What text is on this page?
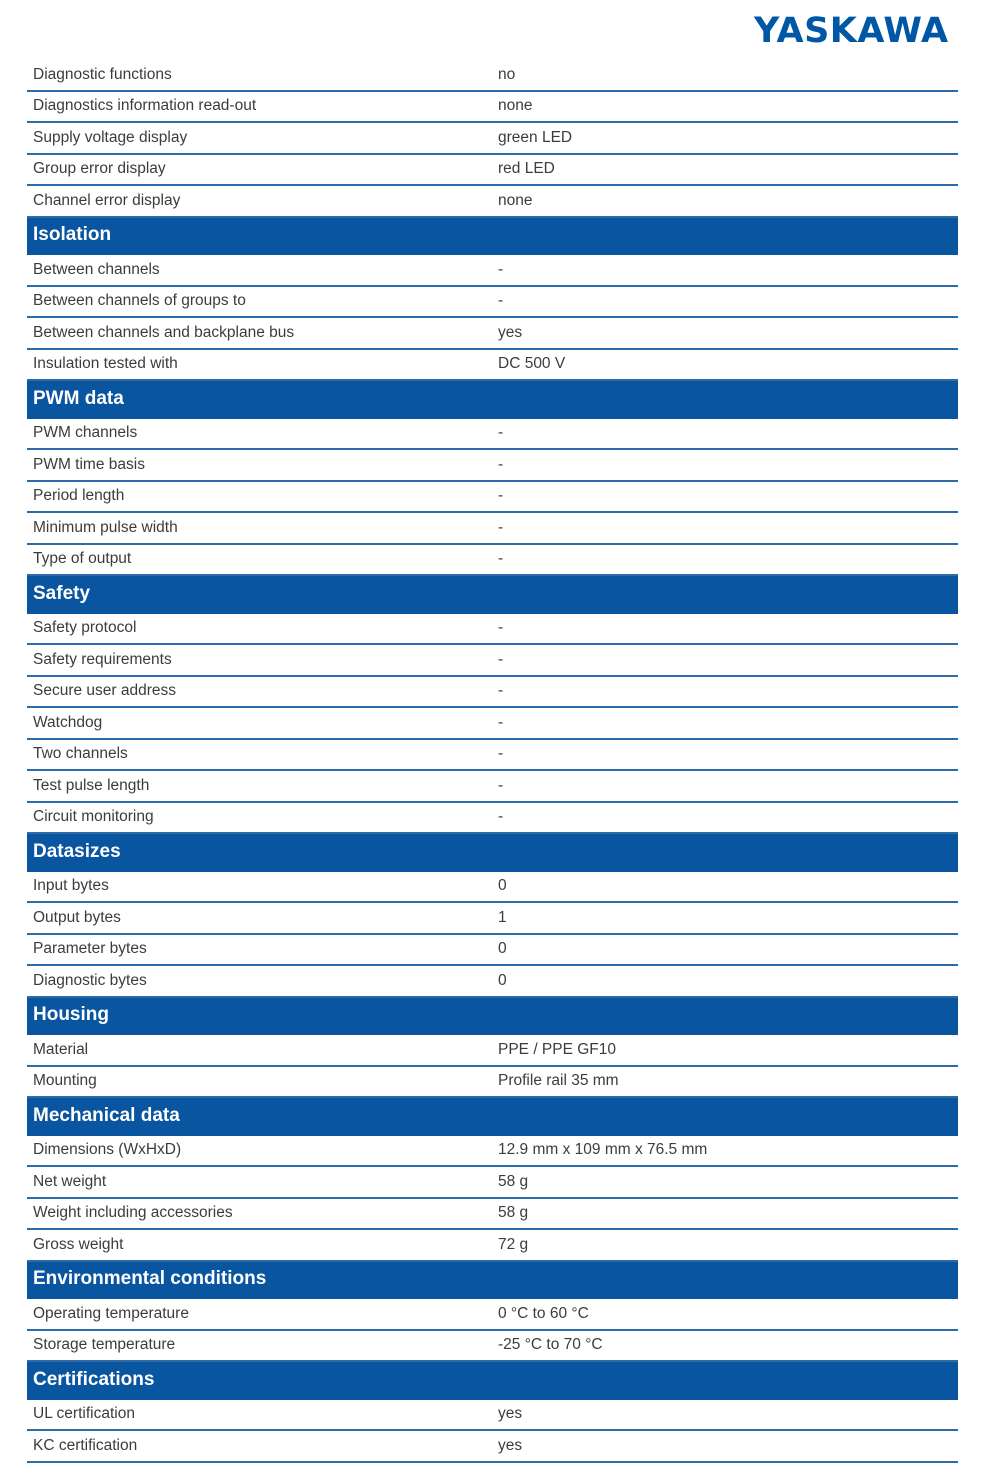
YASKAWA
Diagnostic functions	no
Diagnostics information read-out	none
Supply voltage display	green LED
Group error display	red LED
Channel error display	none
Isolation
Between channels	-
Between channels of groups to	-
Between channels and backplane bus	yes
Insulation tested with	DC 500 V
PWM data
PWM channels	-
PWM time basis	-
Period length	-
Minimum pulse width	-
Type of output	-
Safety
Safety protocol	-
Safety requirements	-
Secure user address	-
Watchdog	-
Two channels	-
Test pulse length	-
Circuit monitoring	-
Datasizes
Input bytes	0
Output bytes	1
Parameter bytes	0
Diagnostic bytes	0
Housing
Material	PPE / PPE GF10
Mounting	Profile rail 35 mm
Mechanical data
Dimensions (WxHxD)	12.9 mm x 109 mm x 76.5 mm
Net weight	58 g
Weight including accessories	58 g
Gross weight	72 g
Environmental conditions
Operating temperature	0 °C to 60 °C
Storage temperature	-25 °C to 70 °C
Certifications
UL certification	yes
KC certification	yes
